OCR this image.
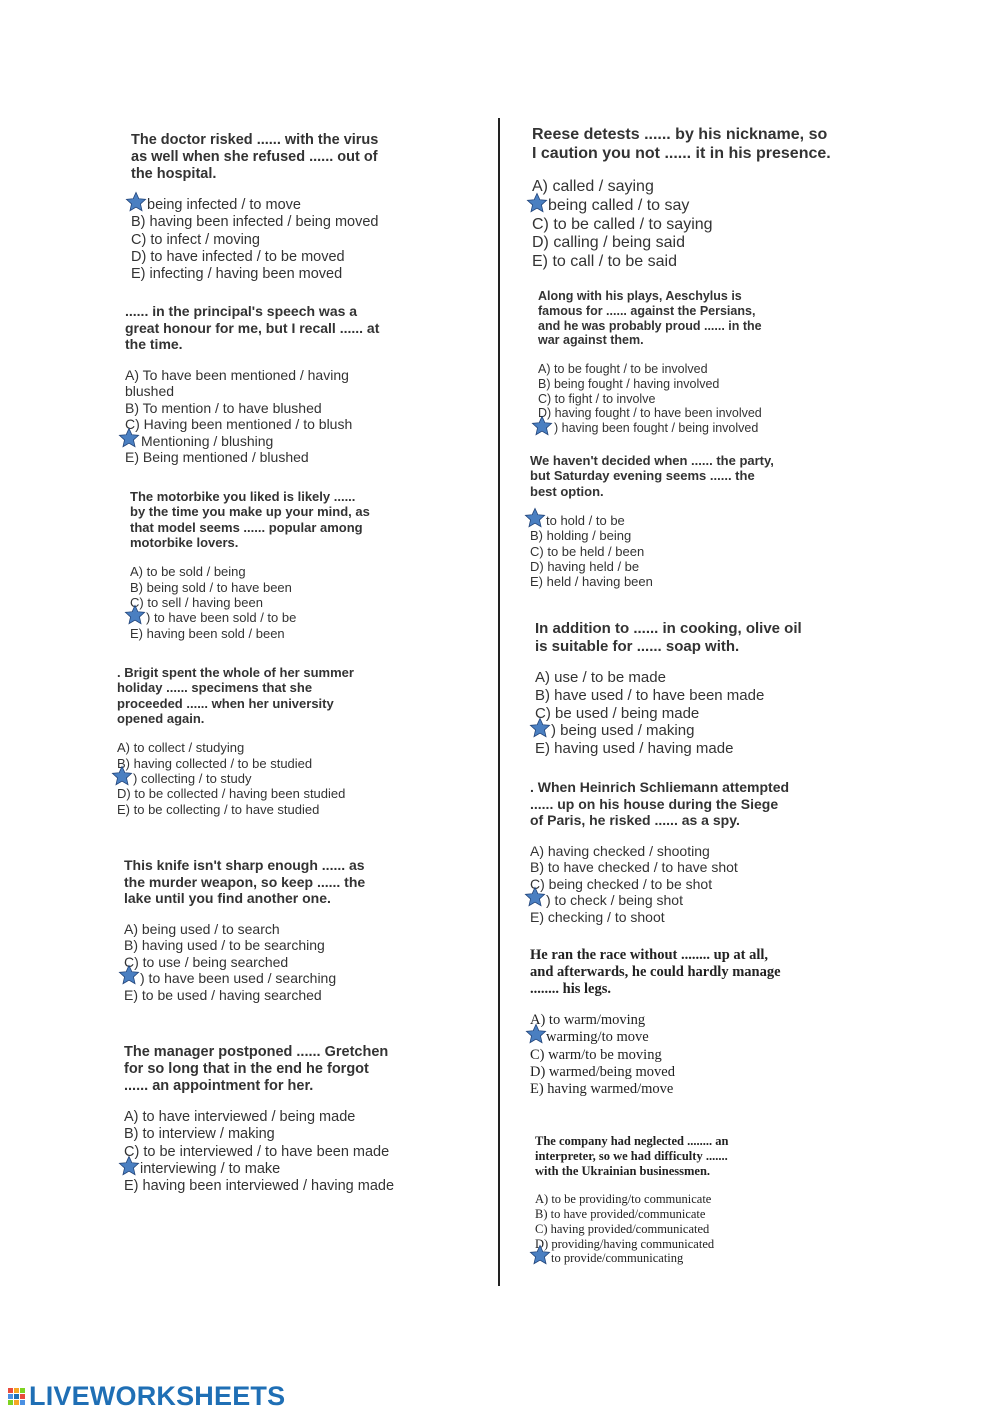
The doctor risked ...... with the virus

as well when she refused ...... out of

the hospital.

being infected / to move
B) having been infected / being moved
C) to infect / moving
D) to have infected / to be moved
E) infecting / having been moved

...... in the principal's speech was a

great honour for me, but I recall ...... at

the time.

A) To have been mentioned / having
blushed
B) To mention / to have blushed
C) Having been mentioned / to blush
Mentioning / blushing
E) Being mentioned / blushed

The motorbike you liked is likely ......

by the time you make up your mind, as

that model seems ...... popular among

motorbike lovers.

A) to be sold / being
B) being sold / to have been
C) to sell / having been
) to have been sold / to be
E) having been sold / been

. Brigit spent the whole of her summer

holiday ...... specimens that she

proceeded ...... when her university

opened again.

A) to collect / studying
B) having collected / to be studied
) collecting / to study
D) to be collected / having been studied
E) to be collecting / to have studied

This knife isn't sharp enough ...... as

the murder weapon, so keep ...... the

lake until you find another one.

A) being used / to search
B) having used / to be searching
C) to use / being searched
) to have been used / searching
E) to be used / having searched

The manager postponed ...... Gretchen

for so long that in the end he forgot

...... an appointment for her.

A) to have interviewed / being made
B) to interview / making
C) to be interviewed / to have been made
interviewing / to make
E) having been interviewed / having made

Reese detests ...... by his nickname, so

I caution you not ...... it in his presence.

A) called / saying
being called / to say
C) to be called / to saying
D) calling / being said
E) to call / to be said

Along with his plays, Aeschylus is

famous for ...... against the Persians,

and he was probably proud ...... in the

war against them.

A) to be fought / to be involved
B) being fought / having involved
C) to fight / to involve
D) having fought / to have been involved
) having been fought / being involved

We haven't decided when ...... the party,

but Saturday evening seems ...... the

best option.

to hold / to be
B) holding / being
C) to be held / been
D) having held / be
E) held / having been

In addition to ...... in cooking, olive oil

is suitable for ...... soap with.

A) use / to be made
B) have used / to have been made
C) be used / being made
) being used / making
E) having used / having made

. When Heinrich Schliemann attempted

...... up on his house during the Siege

of Paris, he risked ...... as a spy.

A) having checked / shooting
B) to have checked / to have shot
C) being checked / to be shot
) to check / being shot
E) checking / to shoot

He ran the race without ........ up at all,

and afterwards, he could hardly manage

........ his legs.

A) to warm/moving
warming/to move
C) warm/to be moving
D) warmed/being moved
E) having warmed/move

The company had neglected ........ an

interpreter, so we had difficulty .......

with the Ukrainian businessmen.

A) to be providing/to communicate
B) to have provided/communicate
C) having provided/communicated
D) providing/having communicated
to provide/communicating
LIVEWORKSHEETS
